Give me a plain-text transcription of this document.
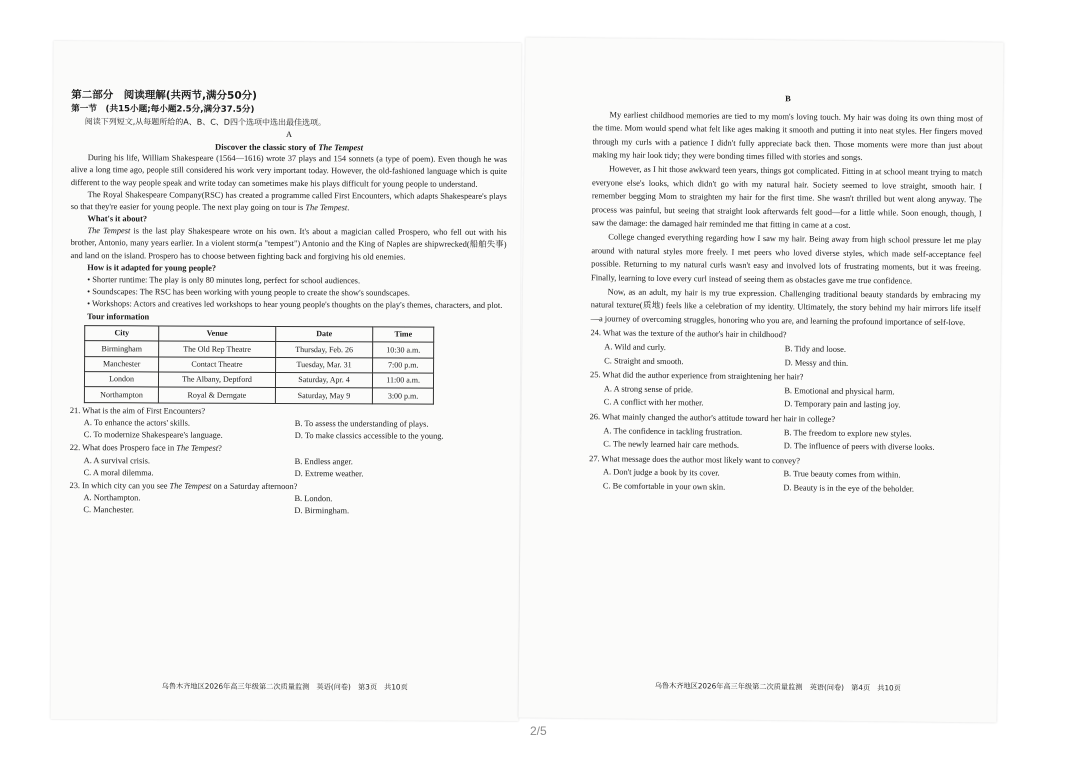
第二部分　阅读理解(共两节,满分50分)
第一节　(共15小题;每小题2.5分,满分37.5分)
阅读下列短文,从每题所给的A、B、C、D四个选项中选出最佳选项。
A
Discover the classic story of The Tempest

During his life, William Shakespeare (1564—1616) wrote 37 plays and 154 sonnets (a type of poem). Even though he was alive a long time ago, people still considered his work very important today. However, the old-fashioned language which is quite different to the way people speak and write today can sometimes make his plays difficult for young people to understand.

The Royal Shakespeare Company(RSC) has created a programme called First Encounters, which adapts Shakespeare's plays so that they're easier for young people. The next play going on tour is The Tempest.

What's it about?

The Tempest is the last play Shakespeare wrote on his own. It's about a magician called Prospero, who fell out with his brother, Antonio, many years earlier. In a violent storm(a "tempest") Antonio and the King of Naples are shipwrecked(船舶失事) and land on the island. Prospero has to choose between fighting back and forgiving his old enemies.

How is it adapted for young people?

• Shorter runtime: The play is only 80 minutes long, perfect for school audiences.

• Soundscapes: The RSC has been working with young people to create the show's soundscapes.

• Workshops: Actors and creatives led workshops to hear young people's thoughts on the play's themes, characters, and plot.

Tour information
City	Venue	Date	Time
Birmingham	The Old Rep Theatre	Thursday, Feb. 26	10:30 a.m.
Manchester	Contact Theatre	Tuesday, Mar. 31	7:00 p.m.
London	The Albany, Deptford	Saturday, Apr. 4	11:00 a.m.
Northampton	Royal & Derngate	Saturday, May 9	3:00 p.m.
21. What is the aim of First Encounters?
A. To enhance the actors' skills.	B. To assess the understanding of plays.
C. To modernize Shakespeare's language.	D. To make classics accessible to the young.
22. What does Prospero face in The Tempest?
A. A survival crisis.	B. Endless anger.
C. A moral dilemma.	D. Extreme weather.
23. In which city can you see The Tempest on a Saturday afternoon?
A. Northampton.	B. London.
C. Manchester.	D. Birmingham.
乌鲁木齐地区2026年高三年级第二次质量监测　英语(问卷)　第3页　共10页
B

My earliest childhood memories are tied to my mom's loving touch. My hair was doing its own thing most of the time. Mom would spend what felt like ages making it smooth and putting it into neat styles. Her fingers moved through my curls with a patience I didn't fully appreciate back then. Those moments were more than just about making my hair look tidy; they were bonding times filled with stories and songs.

However, as I hit those awkward teen years, things got complicated. Fitting in at school meant trying to match everyone else's looks, which didn't go with my natural hair. Society seemed to love straight, smooth hair. I remember begging Mom to straighten my hair for the first time. She wasn't thrilled but went along anyway. The process was painful, but seeing that straight look afterwards felt good—for a little while. Soon enough, though, I saw the damage: the damaged hair reminded me that fitting in came at a cost.

College changed everything regarding how I saw my hair. Being away from high school pressure let me play around with natural styles more freely. I met peers who loved diverse styles, which made self-acceptance feel possible. Returning to my natural curls wasn't easy and involved lots of frustrating moments, but it was freeing. Finally, learning to love every curl instead of seeing them as obstacles gave me true confidence.

Now, as an adult, my hair is my true expression. Challenging traditional beauty standards by embracing my natural texture(质地) feels like a celebration of my identity. Ultimately, the story behind my hair mirrors life itself—a journey of overcoming struggles, honoring who you are, and learning the profound importance of self-love.

24. What was the texture of the author's hair in childhood?
A. Wild and curly.	B. Tidy and loose.
C. Straight and smooth.	D. Messy and thin.
25. What did the author experience from straightening her hair?
A. A strong sense of pride.	B. Emotional and physical harm.
C. A conflict with her mother.	D. Temporary pain and lasting joy.
26. What mainly changed the author's attitude toward her hair in college?
A. The confidence in tackling frustration.	B. The freedom to explore new styles.
C. The newly learned hair care methods.	D. The influence of peers with diverse looks.
27. What message does the author most likely want to convey?
A. Don't judge a book by its cover.	B. True beauty comes from within.
C. Be comfortable in your own skin.	D. Beauty is in the eye of the beholder.
乌鲁木齐地区2026年高三年级第二次质量监测　英语(问卷)　第4页　共10页
2/5
